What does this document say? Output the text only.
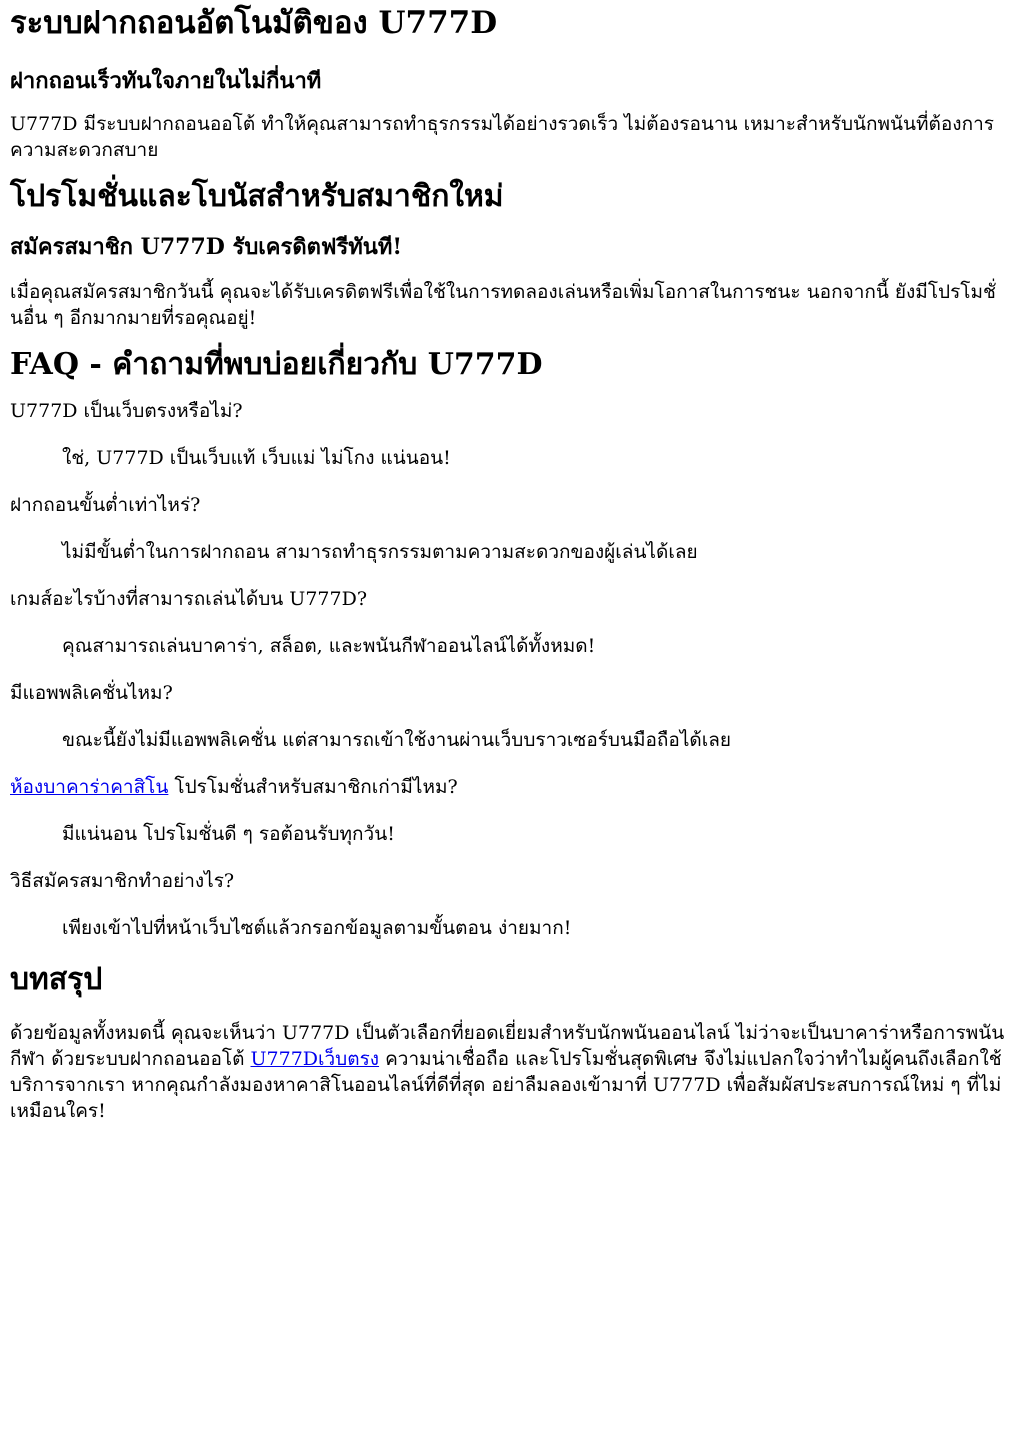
ระบบฝากถอนอัตโนมัติของ U777D
ฝากถอนเร็วทันใจภายในไม่กี่นาที

U777D มีระบบฝากถอนออโต้ ทำให้คุณสามารถทำธุรกรรมได้อย่างรวดเร็ว ไม่ต้องรอนาน เหมาะสำหรับนักพนันที่ต้องการความสะดวกสบาย

โปรโมชั่นและโบนัสสำหรับสมาชิกใหม่
สมัครสมาชิก U777D รับเครดิตฟรีทันที!

เมื่อคุณสมัครสมาชิกวันนี้ คุณจะได้รับเครดิตฟรีเพื่อใช้ในการทดลองเล่นหรือเพิ่มโอกาสในการชนะ นอกจากนี้ ยังมีโปรโมชั่นอื่น ๆ อีกมากมายที่รอคุณอยู่!

FAQ - คำถามที่พบบ่อยเกี่ยวกับ U777D

U777D เป็นเว็บตรงหรือไม่?

ใช่, U777D เป็นเว็บแท้ เว็บแม่ ไม่โกง แน่นอน!

ฝากถอนขั้นต่ำเท่าไหร่?

ไม่มีขั้นต่ำในการฝากถอน สามารถทำธุรกรรมตามความสะดวกของผู้เล่นได้เลย

เกมส์อะไรบ้างที่สามารถเล่นได้บน U777D?

คุณสามารถเล่นบาคาร่า, สล็อต, และพนันกีฬาออนไลน์ได้ทั้งหมด!

มีแอพพลิเคชั่นไหม?

ขณะนี้ยังไม่มีแอพพลิเคชั่น แต่สามารถเข้าใช้งานผ่านเว็บบราวเซอร์บนมือถือได้เลย

ห้องบาคาร่าคาสิโน โปรโมชั่นสำหรับสมาชิกเก่ามีไหม?

มีแน่นอน โปรโมชั่นดี ๆ รอต้อนรับทุกวัน!

วิธีสมัครสมาชิกทำอย่างไร?

เพียงเข้าไปที่หน้าเว็บไซต์แล้วกรอกข้อมูลตามขั้นตอน ง่ายมาก!

บทสรุป

ด้วยข้อมูลทั้งหมดนี้ คุณจะเห็นว่า U777D เป็นตัวเลือกที่ยอดเยี่ยมสำหรับนักพนันออนไลน์ ไม่ว่าจะเป็นบาคาร่าหรือการพนันกีฬา ด้วยระบบฝากถอนออโต้ U777Dเว็บตรง ความน่าเชื่อถือ และโปรโมชั่นสุดพิเศษ จึงไม่แปลกใจว่าทำไมผู้คนถึงเลือกใช้บริการจากเรา หากคุณกำลังมองหาคาสิโนออนไลน์ที่ดีที่สุด อย่าลืมลองเข้ามาที่ U777D เพื่อสัมผัสประสบการณ์ใหม่ ๆ ที่ไม่เหมือนใคร!
